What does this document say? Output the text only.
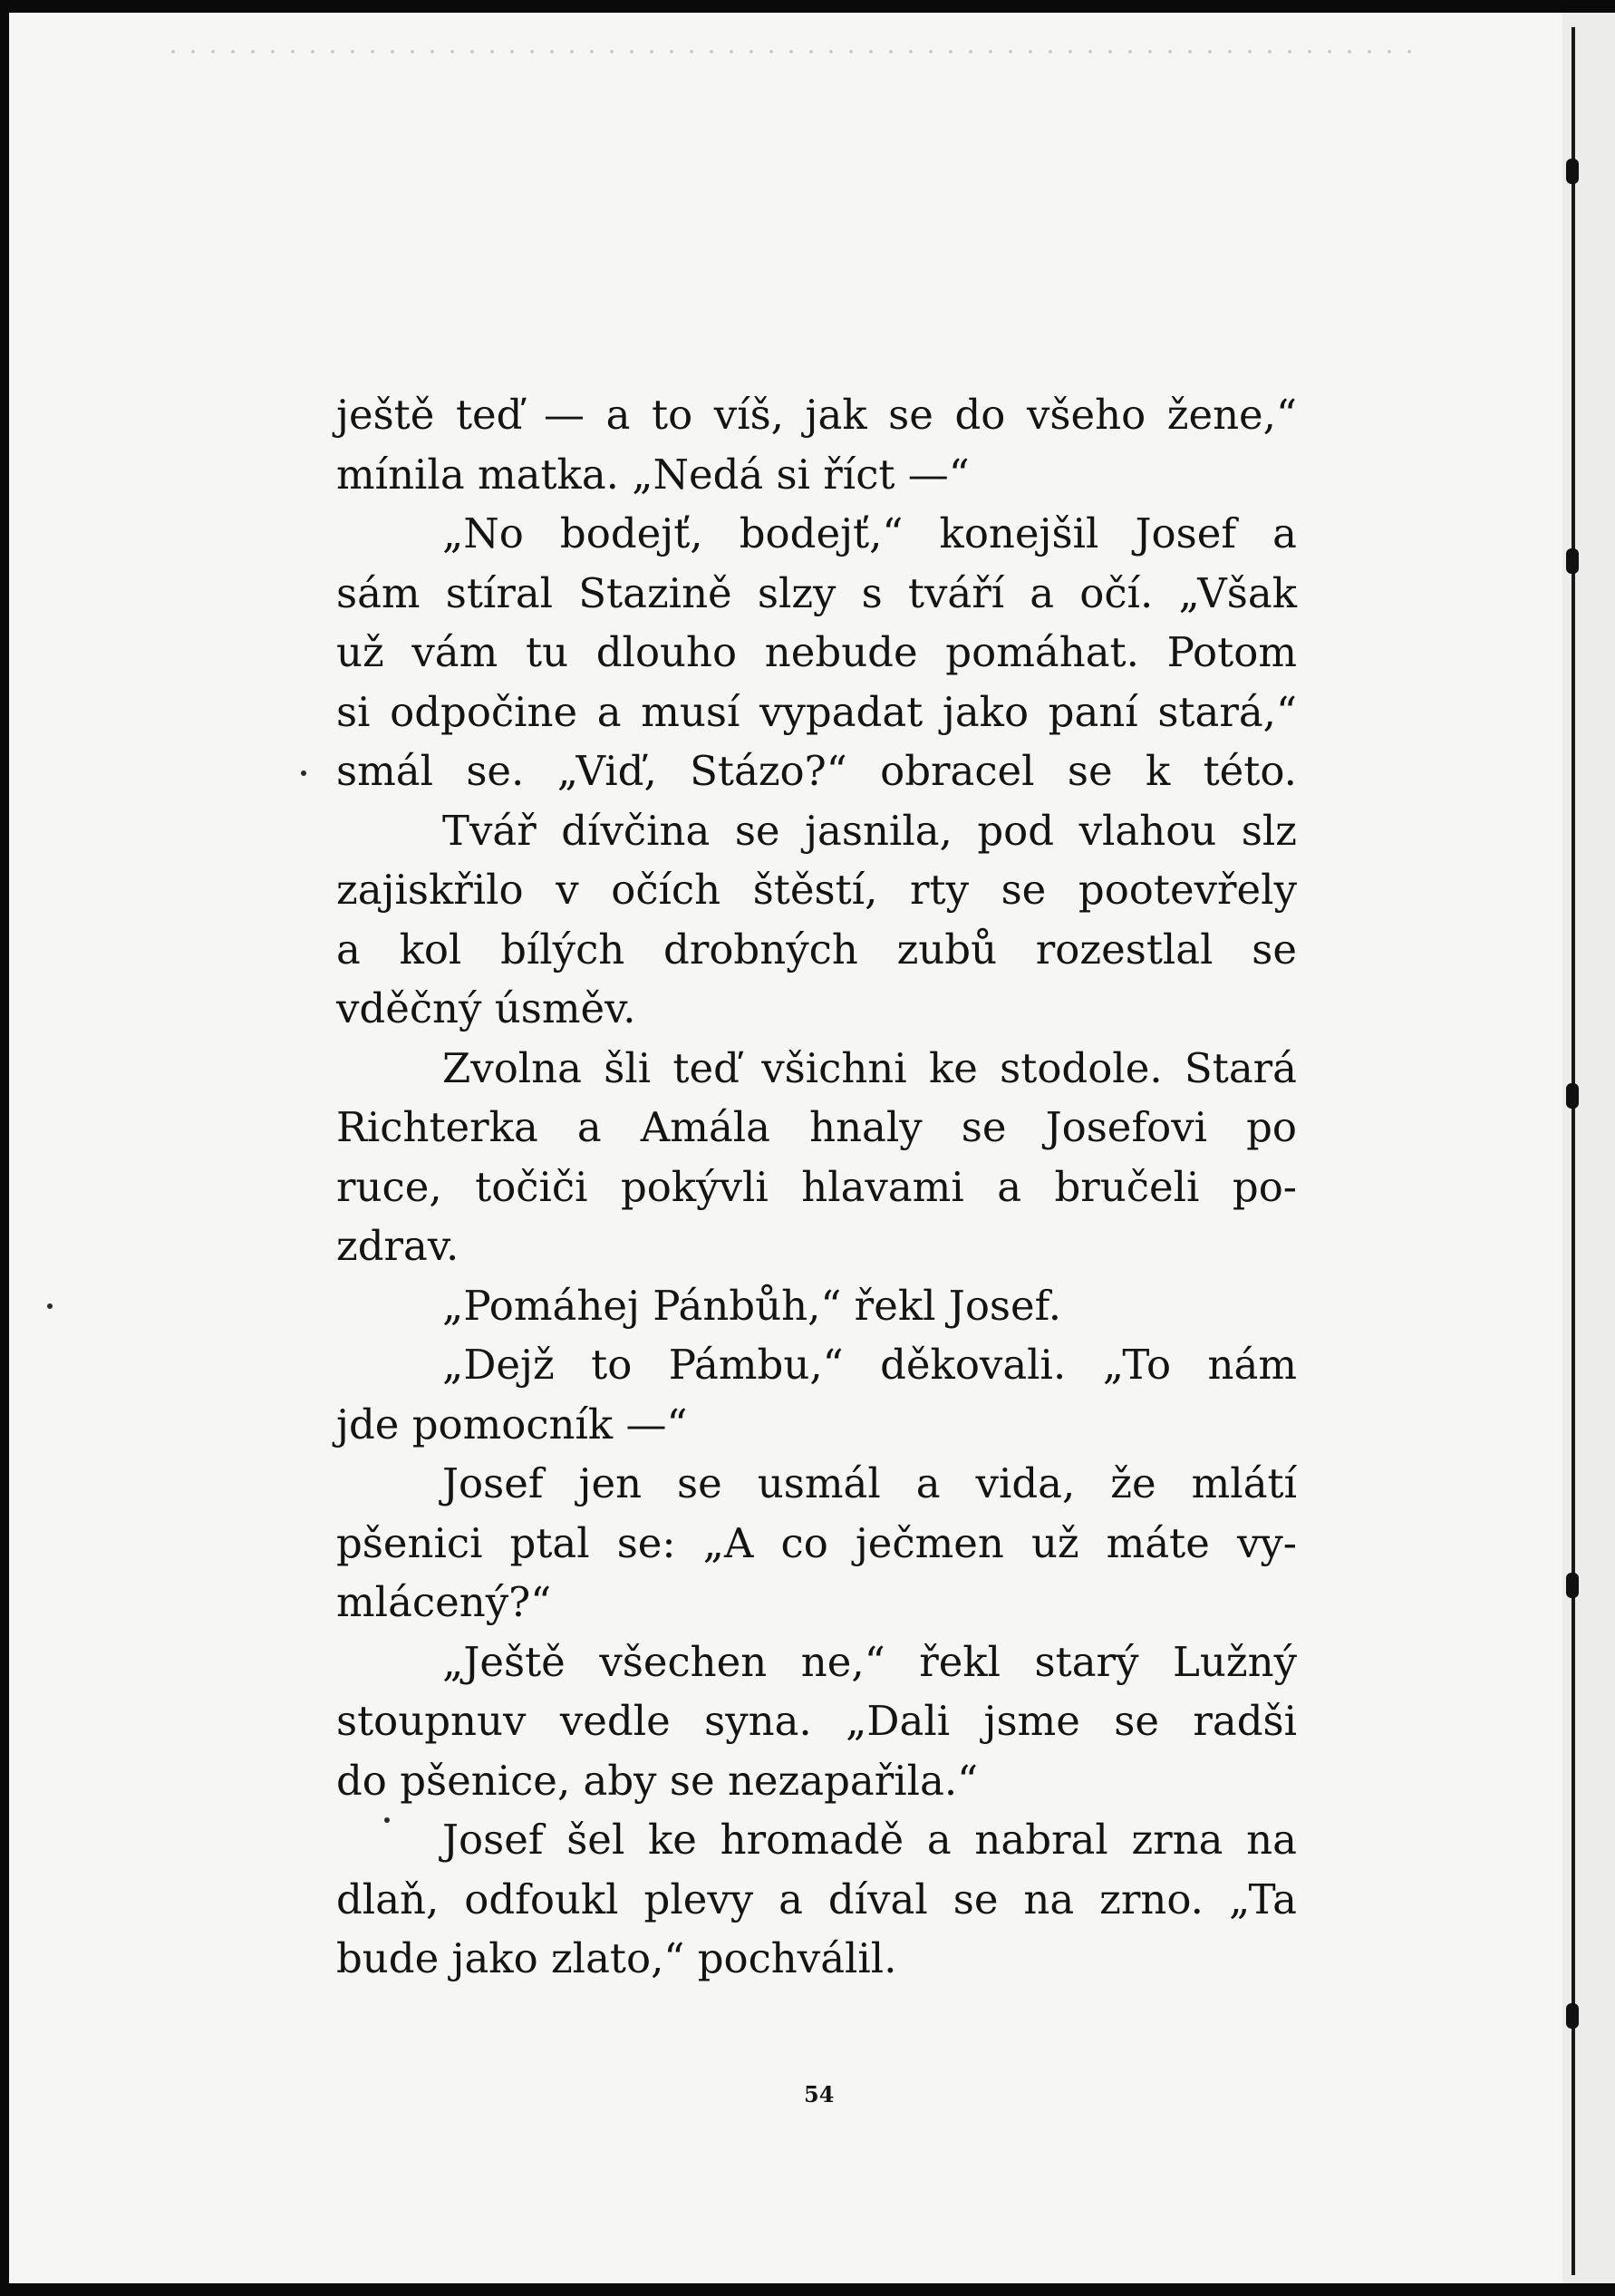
ještě teď — a to víš, jak se do všeho žene,“
mínila matka. „Nedá si říct —“
„No bodejť, bodejť,“ konejšil Josef a
sám stíral Stazině slzy s tváří a očí. „Však
už vám tu dlouho nebude pomáhat. Potom
si odpočine a musí vypadat jako paní stará,“
smál se. „Viď, Stázo?“ obracel se k této.
Tvář dívčina se jasnila, pod vlahou slz
zajiskřilo v očích štěstí, rty se pootevřely
a kol bílých drobných zubů rozestlal se
vděčný úsměv.
Zvolna šli teď všichni ke stodole. Stará
Richterka a Amála hnaly se Josefovi po
ruce, točiči pokývli hlavami a bručeli po-
zdrav.
„Pomáhej Pánbůh,“ řekl Josef.
„Dejž to Pámbu,“ děkovali. „To nám
jde pomocník —“
Josef jen se usmál a vida, že mlátí
pšenici ptal se: „A co ječmen už máte vy-
mlácený?“
„Ještě všechen ne,“ řekl starý Lužný
stoupnuv vedle syna. „Dali jsme se radši
do pšenice, aby se nezapařila.“
Josef šel ke hromadě a nabral zrna na
dlaň, odfoukl plevy a díval se na zrno. „Ta
bude jako zlato,“ pochválil.
54
